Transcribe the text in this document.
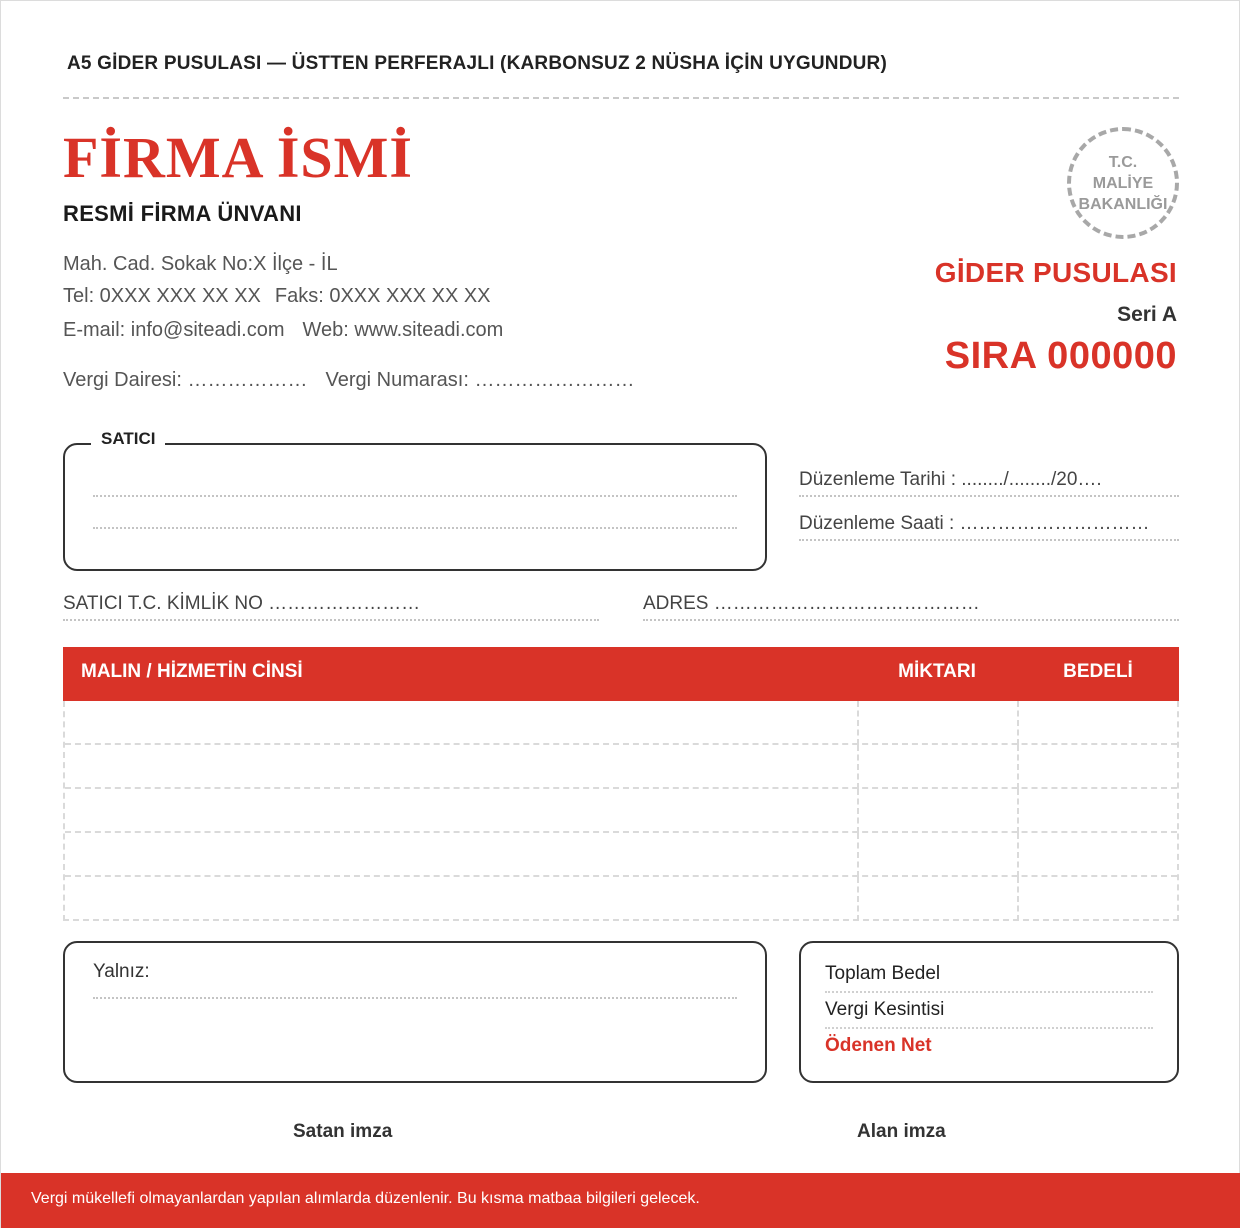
A5 GİDER PUSULASI — ÜSTTEN PERFERAJLI (KARBONSUZ 2 NÜSHA İÇİN UYGUNDUR)
FİRMA İSMİ
RESMİ FİRMA ÜNVANI
Mah. Cad. Sokak No:X İlçe - İL
Tel: 0XXX XXX XX XX Faks: 0XXX XXX XX XX
E-mail: info@siteadi.com Web: www.siteadi.com
Vergi Dairesi: ……………… Vergi Numarası: ……………………
T.C.
MALİYE
BAKANLIĞI
GİDER PUSULASI
Seri A
SIRA 000000
SATICI
Düzenleme Tarihi : ......../......../20….
Düzenleme Saati : …………………………
SATICI T.C. KİMLİK NO ……………………	ADRES ……………………………………
MALIN / HİZMETİN CİNSİ	MİKTARI	BEDELİ
Yalnız:	Toplam Bedel
Vergi Kesintisi
Ödenen Net
Satan imza	Alan imza
Vergi mükellefi olmayanlardan yapılan alımlarda düzenlenir. Bu kısma matbaa bilgileri gelecek.
